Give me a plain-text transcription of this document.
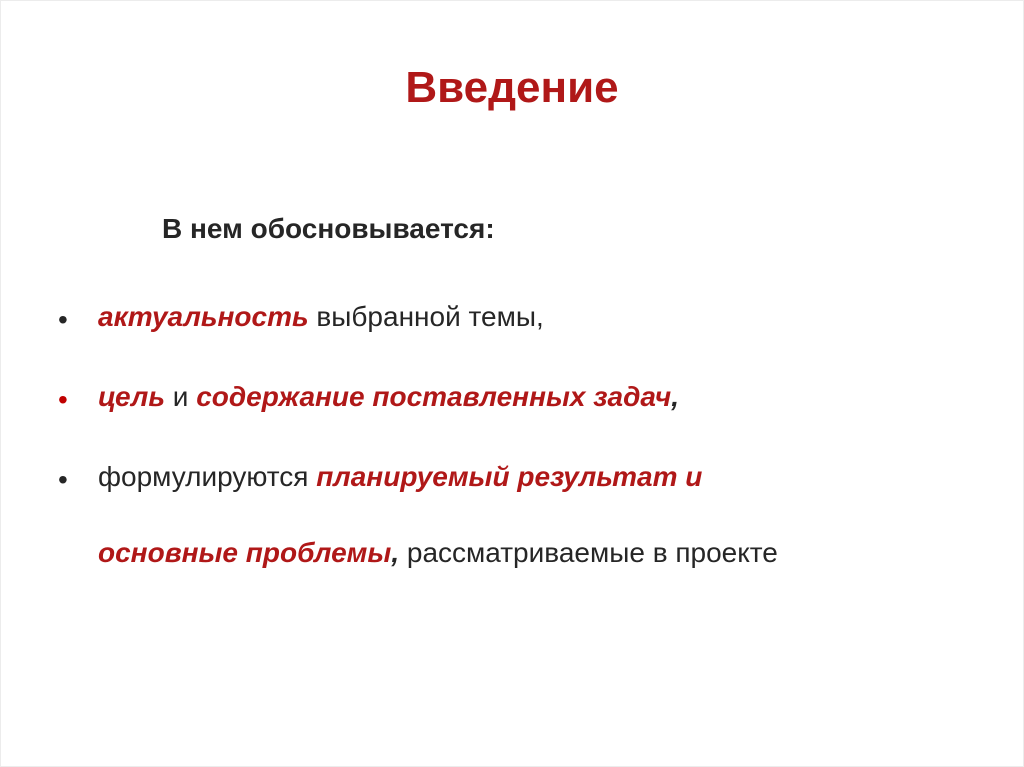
Введение
В нем обосновывается:
• актуальность выбранной темы,
• цель и содержание поставленных задач,
• формулируются планируемый результат и
основные проблемы, рассматриваемые в проекте
